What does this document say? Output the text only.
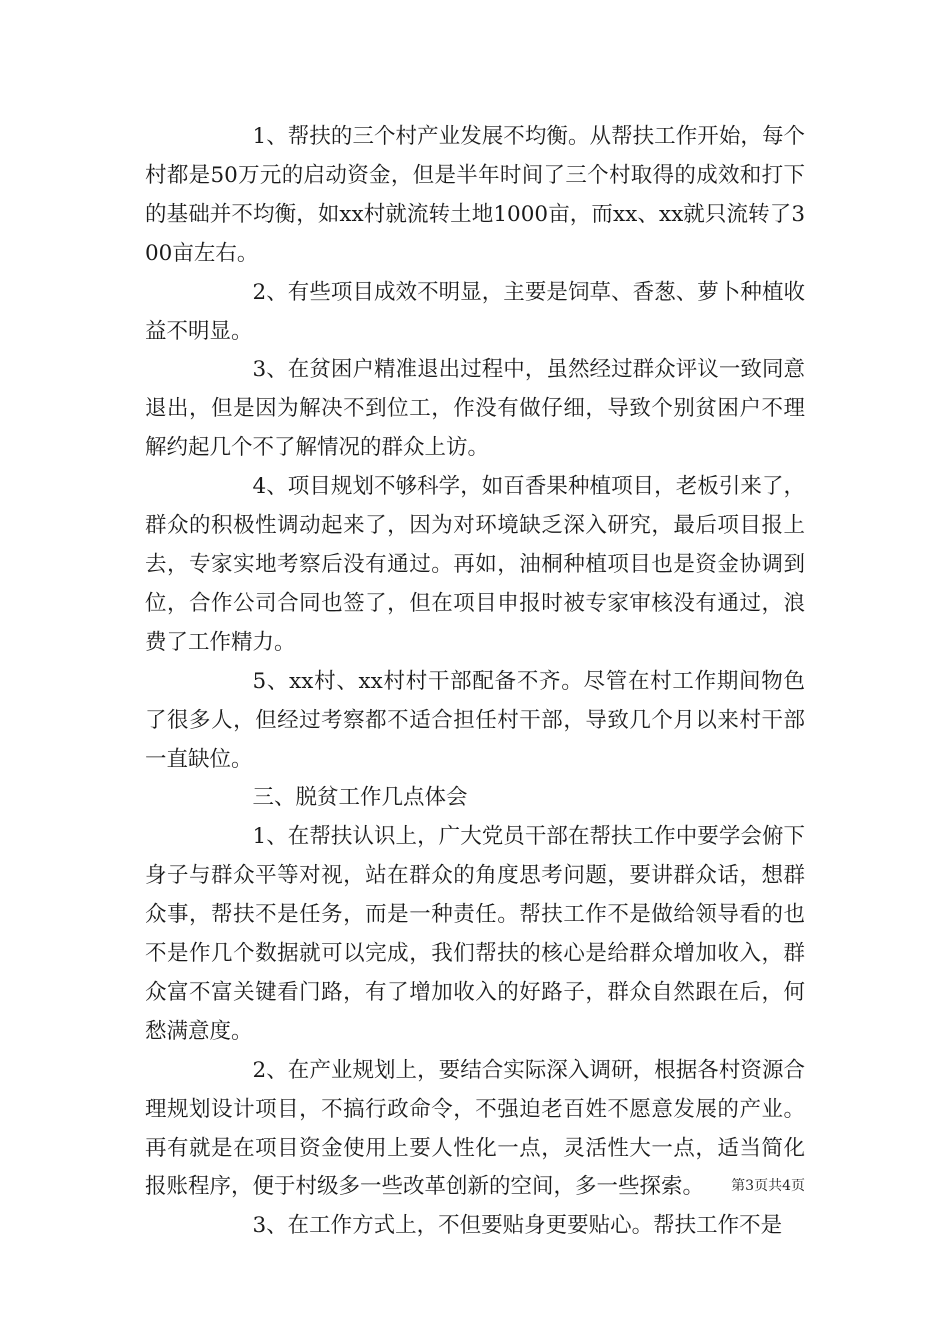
1、帮扶的三个村产业发展不均衡。从帮扶工作开始，每个村都是50万元的启动资金，但是半年时间了三个村取得的成效和打下的基础并不均衡，如xx村就流转土地1000亩，而xx、xx就只流转了300亩左右。

2、有些项目成效不明显，主要是饲草、香葱、萝卜种植收益不明显。

3、在贫困户精准退出过程中，虽然经过群众评议一致同意退出，但是因为解决不到位工，作没有做仔细，导致个别贫困户不理解约起几个不了解情况的群众上访。

4、项目规划不够科学，如百香果种植项目，老板引来了，群众的积极性调动起来了，因为对环境缺乏深入研究，最后项目报上去，专家实地考察后没有通过。再如，油桐种植项目也是资金协调到位，合作公司合同也签了，但在项目申报时被专家审核没有通过，浪费了工作精力。

5、xx村、xx村村干部配备不齐。尽管在村工作期间物色了很多人，但经过考察都不适合担任村干部，导致几个月以来村干部一直缺位。

三、脱贫工作几点体会

1、在帮扶认识上，广大党员干部在帮扶工作中要学会俯下身子与群众平等对视，站在群众的角度思考问题，要讲群众话，想群众事，帮扶不是任务，而是一种责任。帮扶工作不是做给领导看的也不是作几个数据就可以完成，我们帮扶的核心是给群众增加收入，群众富不富关键看门路，有了增加收入的好路子，群众自然跟在后，何愁满意度。

2、在产业规划上，要结合实际深入调研，根据各村资源合理规划设计项目，不搞行政命令，不强迫老百姓不愿意发展的产业。再有就是在项目资金使用上要人性化一点，灵活性大一点，适当简化报账程序，便于村级多一些改革创新的空间，多一些探索。

3、在工作方式上，不但要贴身更要贴心。帮扶工作不是

第3页共4页
